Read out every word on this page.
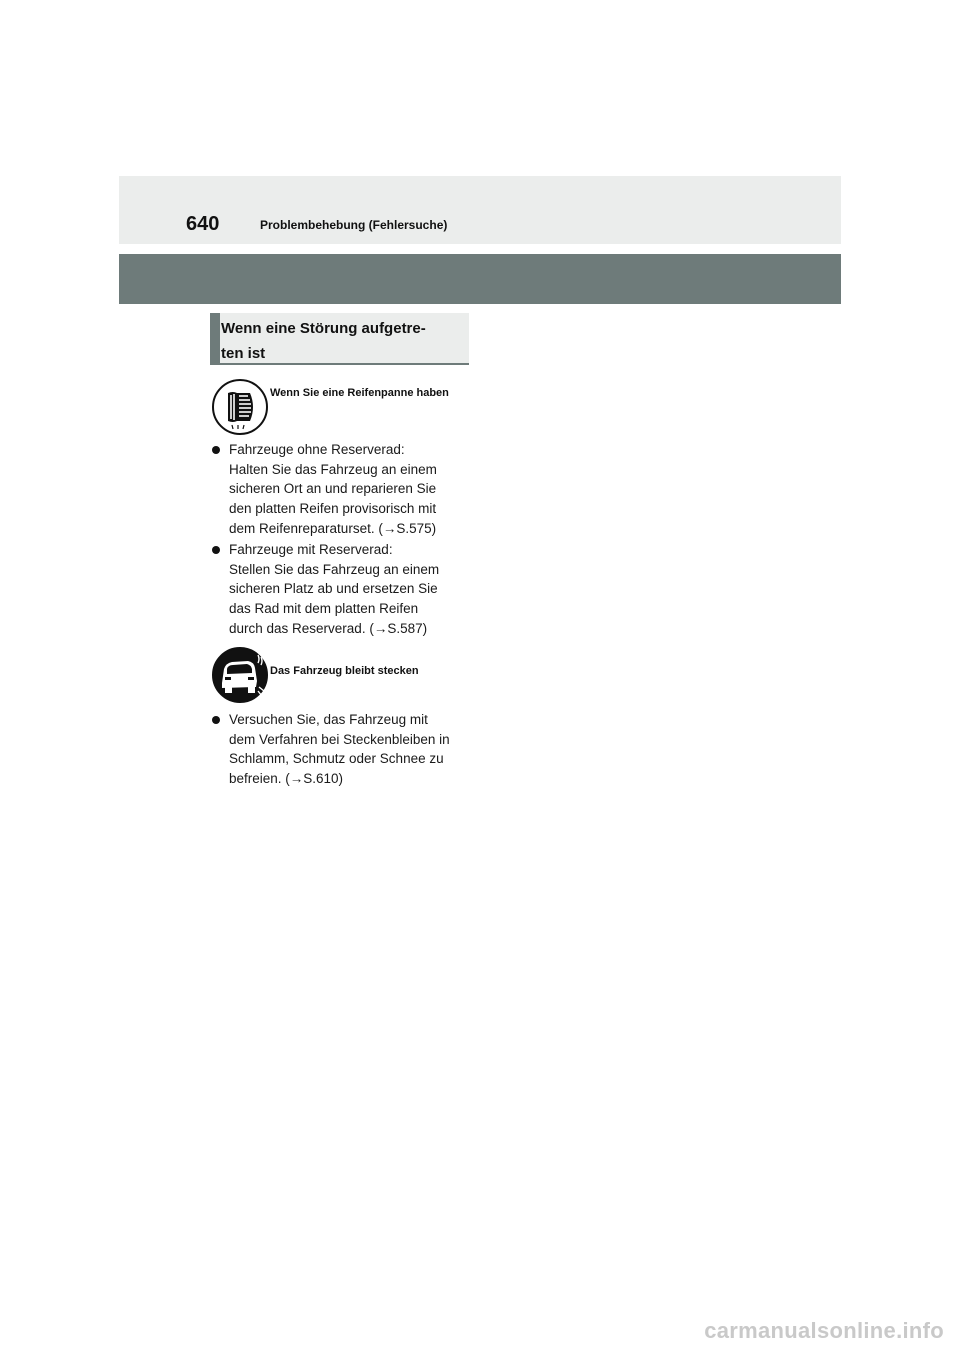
640	Problembehebung (Fehlersuche)
Wenn eine Störung aufgetre-
ten ist
Wenn Sie eine Reifenpanne haben
Fahrzeuge ohne Reserverad:
Halten Sie das Fahrzeug an einem
sicheren Ort an und reparieren Sie
den platten Reifen provisorisch mit
dem Reifenreparaturset. (→S.575)
Fahrzeuge mit Reserverad:
Stellen Sie das Fahrzeug an einem
sicheren Platz ab und ersetzen Sie
das Rad mit dem platten Reifen
durch das Reserverad. (→S.587)
Das Fahrzeug bleibt stecken
Versuchen Sie, das Fahrzeug mit
dem Verfahren bei Steckenbleiben in
Schlamm, Schmutz oder Schnee zu
befreien. (→S.610)
carmanualsonline.info
